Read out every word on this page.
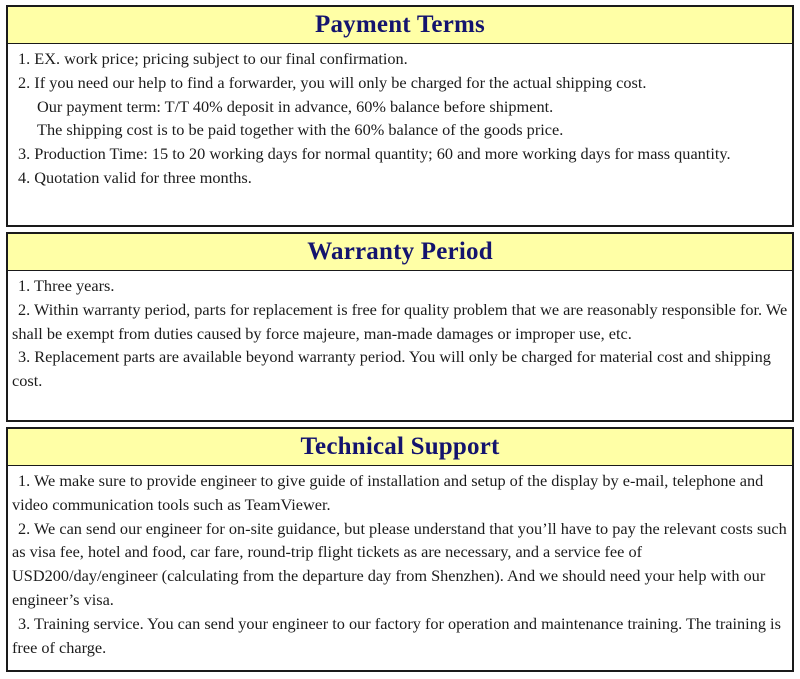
Payment Terms
1. EX. work price; pricing subject to our final confirmation.
2. If you need our help to find a forwarder, you will only be charged for the actual shipping cost.
Our payment term: T/T 40% deposit in advance, 60% balance before shipment.
The shipping cost is to be paid together with the 60% balance of the goods price.
3. Production Time: 15 to 20 working days for normal quantity; 60 and more working days for mass quantity.
4. Quotation valid for three months.
Warranty Period
1. Three years.
2. Within warranty period, parts for replacement is free for quality problem that we are reasonably responsible for. We shall be exempt from duties caused by force majeure, man-made damages or improper use, etc.
3. Replacement parts are available beyond warranty period. You will only be charged for material cost and shipping cost.
Technical Support
1. We make sure to provide engineer to give guide of installation and setup of the display by e-mail, telephone and video communication tools such as TeamViewer.
2. We can send our engineer for on-site guidance, but please understand that you’ll have to pay the relevant costs such as visa fee, hotel and food, car fare, round-trip flight tickets as are necessary, and a service fee of USD200/day/engineer (calculating from the departure day from Shenzhen). And we should need your help with our engineer’s visa.
3. Training service. You can send your engineer to our factory for operation and maintenance training. The training is free of charge.
